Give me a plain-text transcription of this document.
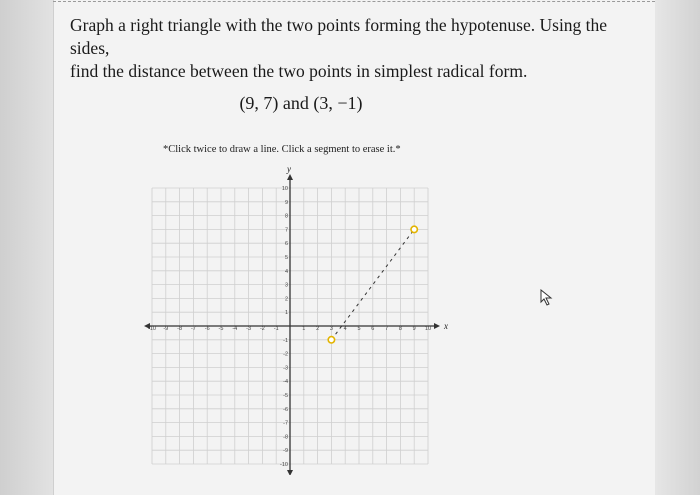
Graph a right triangle with the two points forming the hypotenuse. Using the sides,
find the distance between the two points in simplest radical form.
(9, 7) and (3, −1)
*Click twice to draw a line. Click a segment to erase it.*
x
y
-10 -9 -8 -7 -6 -5 -4 -3 -2 -1	1 2 3 4 5 6 7 8 9 10
10
9
8
7
6
5
4
3
2
1
-1
-2
-3
-4
-5
-6
-7
-8
-9
-10
